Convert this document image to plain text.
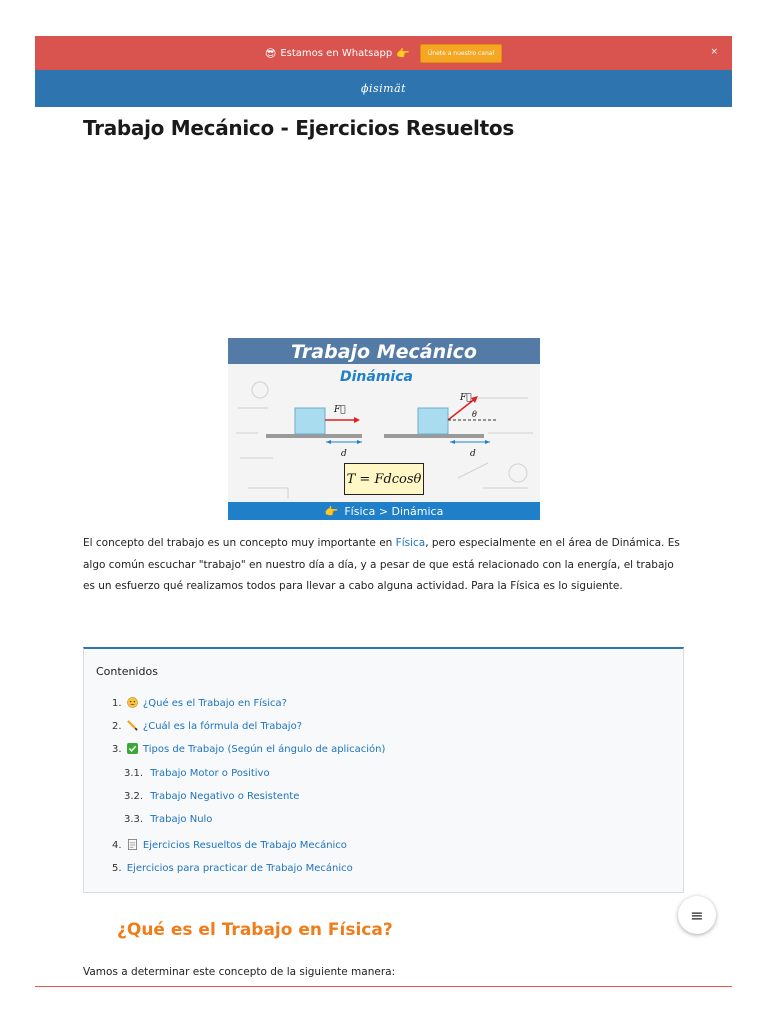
😎 Estamos en Whatsapp 👉	Únete a nuestro canal	×
ϕisimät
Trabajo Mecánico - Ejercicios Resueltos
F⃗
F⃗
θ
d	d
Trabajo Mecánico
Dinámica
T = Fdcosθ
👉 Física > Dinámica

El concepto del trabajo es un concepto muy importante en Física, pero especialmente en el área de Dinámica. Es algo común escuchar "trabajo" en nuestro día a día, y a pesar de que está relacionado con la energía, el trabajo es un esfuerzo qué realizamos todos para llevar a cabo alguna actividad. Para la Física es lo siguiente.

Contenidos
1. ¿Qué es el Trabajo en Física?
2. ¿Cuál es la fórmula del Trabajo?
3. Tipos de Trabajo (Según el ángulo de aplicación)
3.1. Trabajo Motor o Positivo
3.2. Trabajo Negativo o Resistente
3.3. Trabajo Nulo
4. Ejercicios Resueltos de Trabajo Mecánico
5. Ejercicios para practicar de Trabajo Mecánico
≡
¿Qué es el Trabajo en Física?

Vamos a determinar este concepto de la siguiente manera:
